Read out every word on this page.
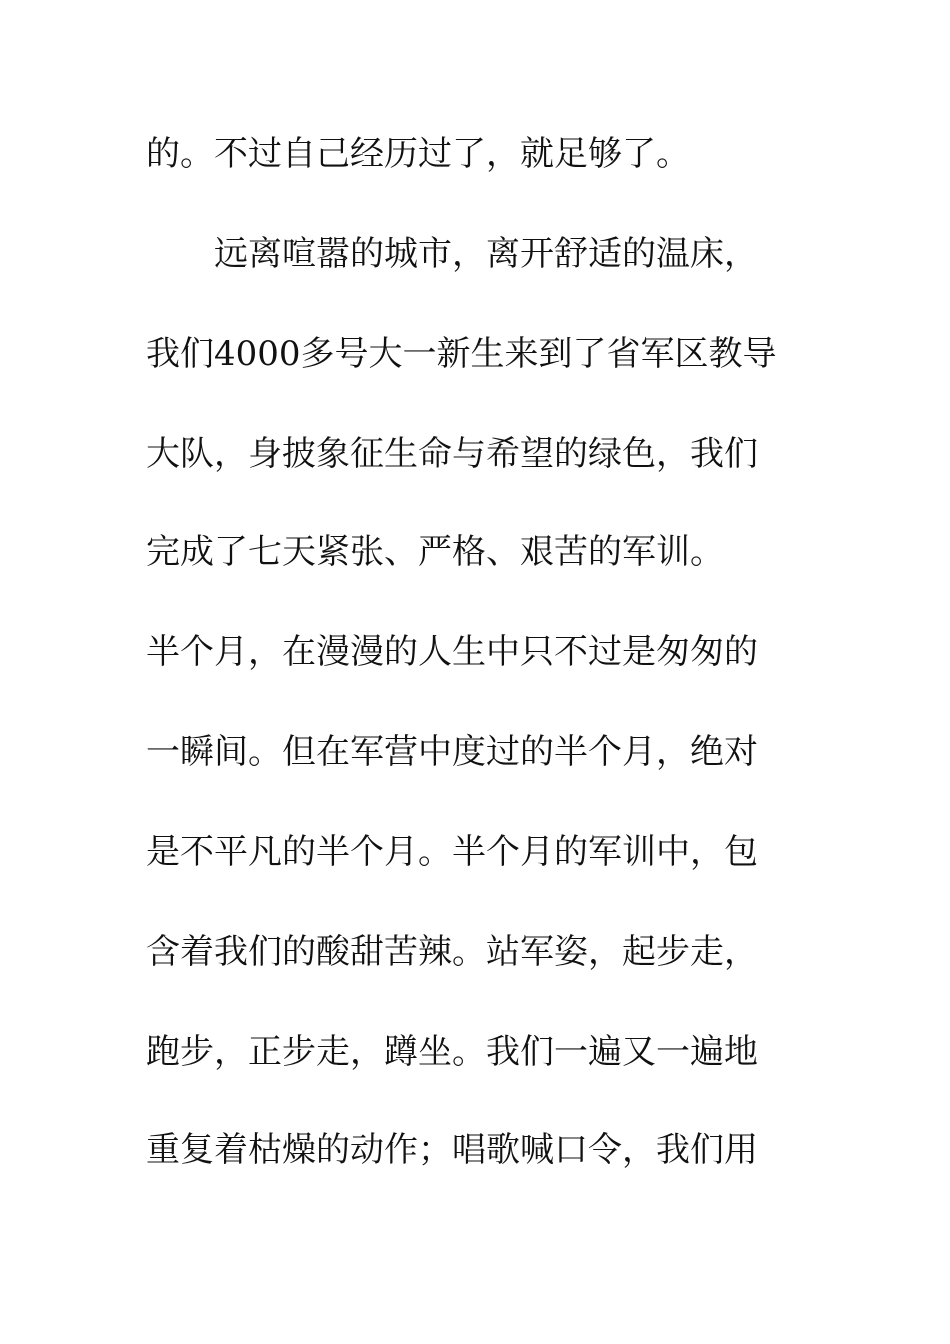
的。不过自己经历过了，就足够了。
远离喧嚣的城市，离开舒适的温床，
我们4000多号大一新生来到了省军区教导
大队，身披象征生命与希望的绿色，我们
完成了七天紧张、严格、艰苦的军训。
半个月，在漫漫的人生中只不过是匆匆的
一瞬间。但在军营中度过的半个月，绝对
是不平凡的半个月。半个月的军训中，包
含着我们的酸甜苦辣。站军姿，起步走，
跑步，正步走，蹲坐。我们一遍又一遍地
重复着枯燥的动作；唱歌喊口令，我们用
